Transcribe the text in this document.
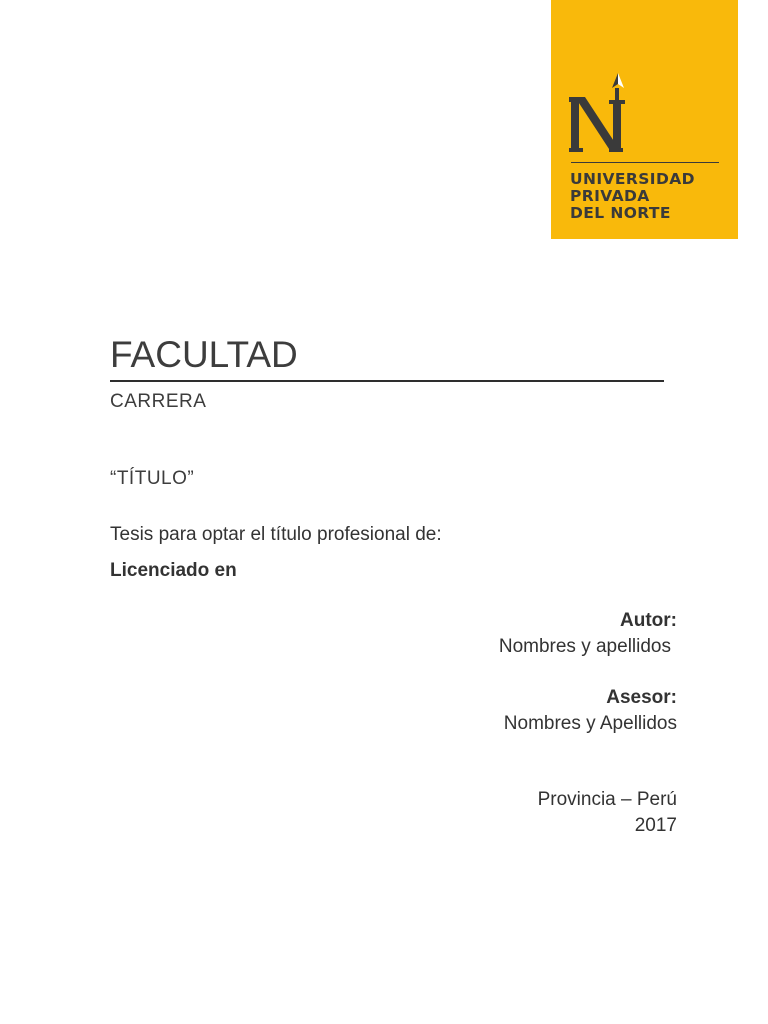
UNIVERSIDAD
PRIVADA
DEL NORTE
FACULTAD
CARRERA
“TÍTULO”
Tesis para optar el título profesional de:
Licenciado en
Autor:
Nombres y apellidos
Asesor:
Nombres y Apellidos
Provincia – Perú
2017
